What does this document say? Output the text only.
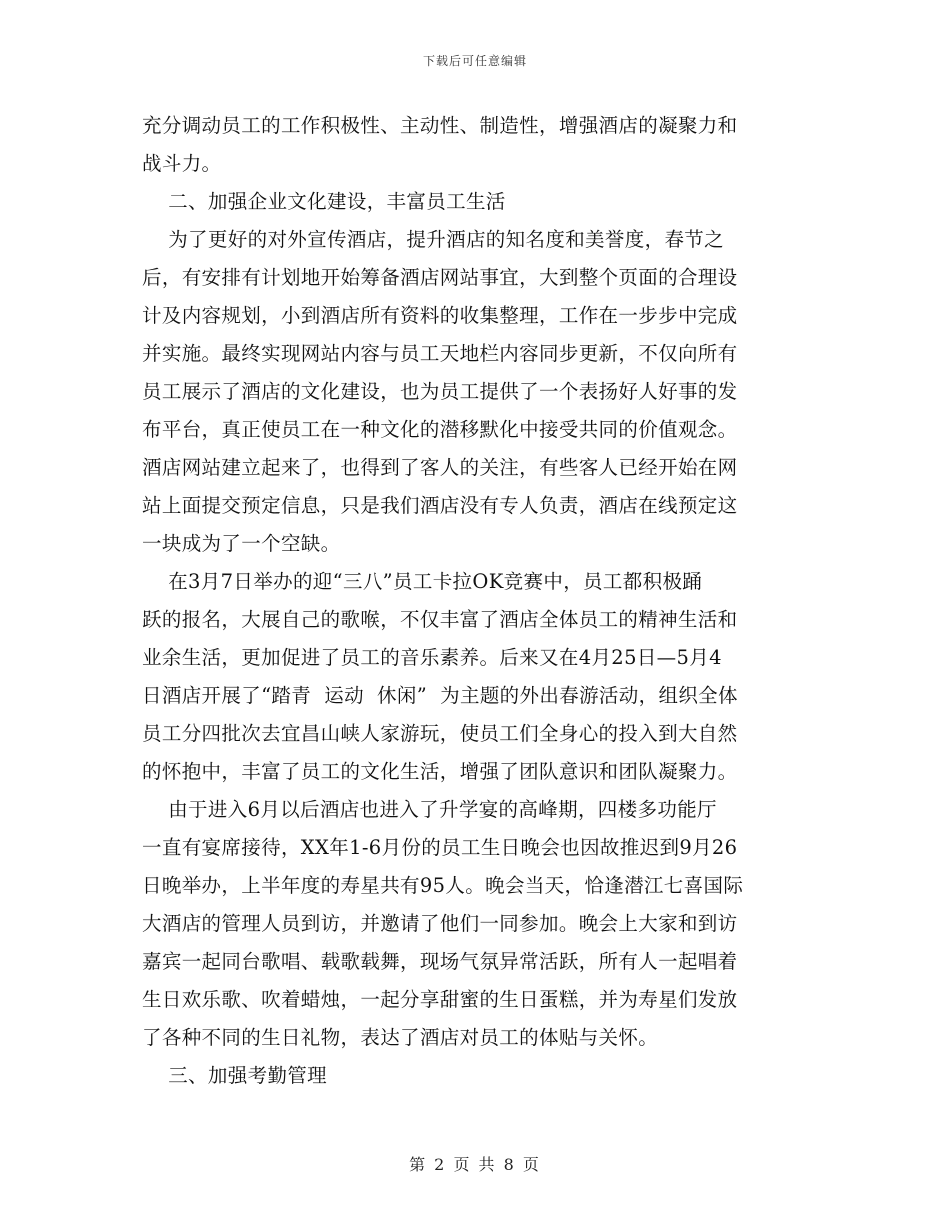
下载后可任意编辑
充分调动员工的工作积极性、主动性、制造性，增强酒店的凝聚力和
战斗力。
二、加强企业文化建设，丰富员工生活
为了更好的对外宣传酒店，提升酒店的知名度和美誉度，春节之
后，有安排有计划地开始筹备酒店网站事宜，大到整个页面的合理设
计及内容规划，小到酒店所有资料的收集整理，工作在一步步中完成
并实施。最终实现网站内容与员工天地栏内容同步更新，不仅向所有
员工展示了酒店的文化建设，也为员工提供了一个表扬好人好事的发
布平台，真正使员工在一种文化的潜移默化中接受共同的价值观念。
酒店网站建立起来了，也得到了客人的关注，有些客人已经开始在网
站上面提交预定信息，只是我们酒店没有专人负责，酒店在线预定这
一块成为了一个空缺。
在3月7日举办的迎“三八”员工卡拉OK竞赛中，员工都积极踊
跃的报名，大展自己的歌喉，不仅丰富了酒店全体员工的精神生活和
业余生活，更加促进了员工的音乐素养。后来又在4月25日—5月4
日酒店开展了“踏青  运动  休闲”  为主题的外出春游活动，组织全体
员工分四批次去宜昌山峡人家游玩，使员工们全身心的投入到大自然
的怀抱中，丰富了员工的文化生活，增强了团队意识和团队凝聚力。
由于进入6月以后酒店也进入了升学宴的高峰期，四楼多功能厅
一直有宴席接待，XX年1-6月份的员工生日晚会也因故推迟到9月26
日晚举办，上半年度的寿星共有95人。晚会当天，恰逢潜江七喜国际
大酒店的管理人员到访，并邀请了他们一同参加。晚会上大家和到访
嘉宾一起同台歌唱、载歌载舞，现场气氛异常活跃，所有人一起唱着
生日欢乐歌、吹着蜡烛，一起分享甜蜜的生日蛋糕，并为寿星们发放
了各种不同的生日礼物，表达了酒店对员工的体贴与关怀。
三、加强考勤管理
第 2 页 共 8 页
